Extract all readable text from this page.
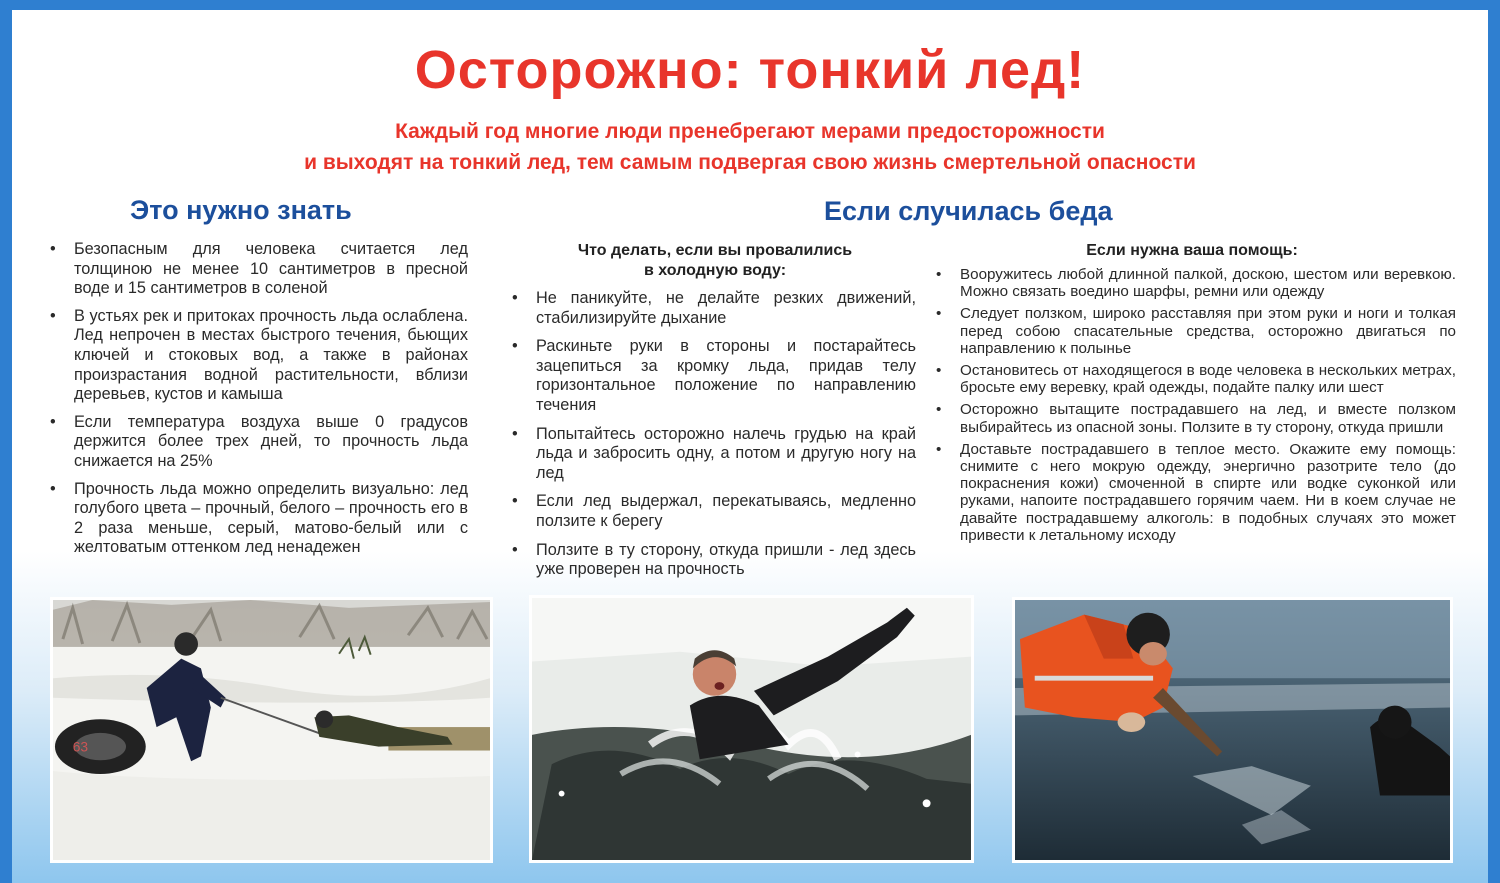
Осторожно: тонкий лед!
Каждый год многие люди пренебрегают мерами предосторожности
и выходят на тонкий лед, тем самым подвергая свою жизнь смертельной опасности
Это нужно знать	Если случилась беда
• Безопасным для человека считается лед толщиною не менее 10 сантиметров в пресной воде и 15 сантиметров в соленой
• В устьях рек и притоках прочность льда ослаблена. Лед непрочен в местах быстрого течения, бьющих ключей и стоковых вод, а также в районах произрастания водной растительности, вблизи деревьев, кустов и камыша
• Если температура воздуха выше 0 градусов держится более трех дней, то прочность льда снижается на 25%
• Прочность льда можно определить визуально: лед голубого цвета – прочный, белого – прочность его в 2 раза меньше, серый, матово-белый или с желтоватым оттенком лед ненадежен
Что делать, если вы провалились
в холодную воду:
• Не паникуйте, не делайте резких движений, стабилизируйте дыхание
• Раскиньте руки в стороны и постарайтесь зацепиться за кромку льда, придав телу горизонтальное положение по направлению течения
• Попытайтесь осторожно налечь грудью на край льда и забросить одну, а потом и другую ногу на лед
• Если лед выдержал, перекатываясь, медленно ползите к берегу
• Ползите в ту сторону, откуда пришли - лед здесь уже проверен на прочность
Если нужна ваша помощь:
• Вооружитесь любой длинной палкой, доскою, шестом или веревкою. Можно связать воедино шарфы, ремни или одежду
• Следует ползком, широко расставляя при этом руки и ноги и толкая перед собою спасательные средства, осторожно двигаться по направлению к полынье
• Остановитесь от находящегося в воде человека в нескольких метрах, бросьте ему веревку, край одежды, подайте палку или шест
• Осторожно вытащите пострадавшего на лед, и вместе ползком выбирайтесь из опасной зоны. Ползите в ту сторону, откуда пришли
• Доставьте пострадавшего в теплое место. Окажите ему помощь: снимите с него мокрую одежду, энергично разотрите тело (до покраснения кожи) смоченной в спирте или водке суконкой или руками, напоите пострадавшего горячим чаем. Ни в коем случае не давайте пострадавшему алкоголь: в подобных случаях это может привести к летальному исходу
63
